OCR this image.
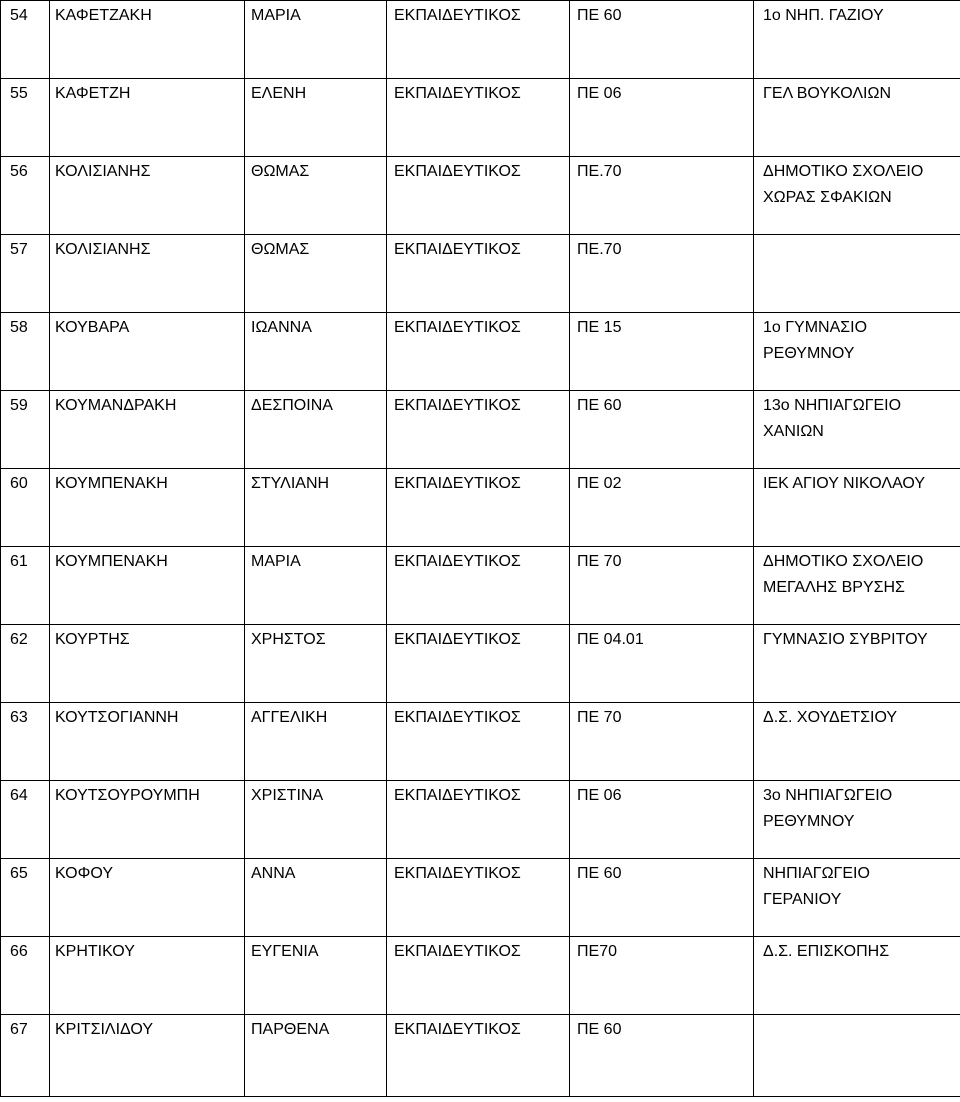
54	ΚΑΦΕΤΖΑΚΗ	ΜΑΡΙΑ	ΕΚΠΑΙΔΕΥΤΙΚΟΣ	ΠΕ 60	1ο ΝΗΠ. ΓΑΖΙΟΥ

55	ΚΑΦΕΤΖΗ	ΕΛΕΝΗ	ΕΚΠΑΙΔΕΥΤΙΚΟΣ	ΠΕ 06	ΓΕΛ ΒΟΥΚΟΛΙΩΝ

56	ΚΟΛΙΣΙΑΝΗΣ	ΘΩΜΑΣ	ΕΚΠΑΙΔΕΥΤΙΚΟΣ	ΠΕ.70	ΔΗΜΟΤΙΚΟ ΣΧΟΛΕΙΟ
ΧΩΡΑΣ ΣΦΑΚΙΩΝ

57	ΚΟΛΙΣΙΑΝΗΣ	ΘΩΜΑΣ	ΕΚΠΑΙΔΕΥΤΙΚΟΣ	ΠΕ.70	

58	ΚΟΥΒΑΡΑ	ΙΩΑΝΝΑ	ΕΚΠΑΙΔΕΥΤΙΚΟΣ	ΠΕ 15	1ο ΓΥΜΝΑΣΙΟ
ΡΕΘΥΜΝΟΥ

59	ΚΟΥΜΑΝΔΡΑΚΗ	ΔΕΣΠΟΙΝΑ	ΕΚΠΑΙΔΕΥΤΙΚΟΣ	ΠΕ 60	13ο ΝΗΠΙΑΓΩΓΕΙΟ
ΧΑΝΙΩΝ

60	ΚΟΥΜΠΕΝΑΚΗ	ΣΤΥΛΙΑΝΗ	ΕΚΠΑΙΔΕΥΤΙΚΟΣ	ΠΕ 02	ΙΕΚ ΑΓΙΟΥ ΝΙΚΟΛΑΟΥ

61	ΚΟΥΜΠΕΝΑΚΗ	ΜΑΡΙΑ	ΕΚΠΑΙΔΕΥΤΙΚΟΣ	ΠΕ 70	ΔΗΜΟΤΙΚΟ ΣΧΟΛΕΙΟ
ΜΕΓΑΛΗΣ ΒΡΥΣΗΣ

62	ΚΟΥΡΤΗΣ	ΧΡΗΣΤΟΣ	ΕΚΠΑΙΔΕΥΤΙΚΟΣ	ΠΕ 04.01	ΓΥΜΝΑΣΙΟ ΣΥΒΡΙΤΟΥ

63	ΚΟΥΤΣΟΓΙΑΝΝΗ	ΑΓΓΕΛΙΚΗ	ΕΚΠΑΙΔΕΥΤΙΚΟΣ	ΠΕ 70	Δ.Σ. ΧΟΥΔΕΤΣΙΟΥ

64	ΚΟΥΤΣΟΥΡΟΥΜΠΗ	ΧΡΙΣΤΙΝΑ	ΕΚΠΑΙΔΕΥΤΙΚΟΣ	ΠΕ 06	3ο ΝΗΠΙΑΓΩΓΕΙΟ
ΡΕΘΥΜΝΟΥ

65	ΚΟΦΟΥ	ΑΝΝΑ	ΕΚΠΑΙΔΕΥΤΙΚΟΣ	ΠΕ 60	ΝΗΠΙΑΓΩΓΕΙΟ
ΓΕΡΑΝΙΟΥ

66	ΚΡΗΤΙΚΟΥ	ΕΥΓΕΝΙΑ	ΕΚΠΑΙΔΕΥΤΙΚΟΣ	ΠΕ70	Δ.Σ. ΕΠΙΣΚΟΠΗΣ

67	ΚΡΙΤΣΙΛΙΔΟΥ	ΠΑΡΘΕΝΑ	ΕΚΠΑΙΔΕΥΤΙΚΟΣ	ΠΕ 60	
